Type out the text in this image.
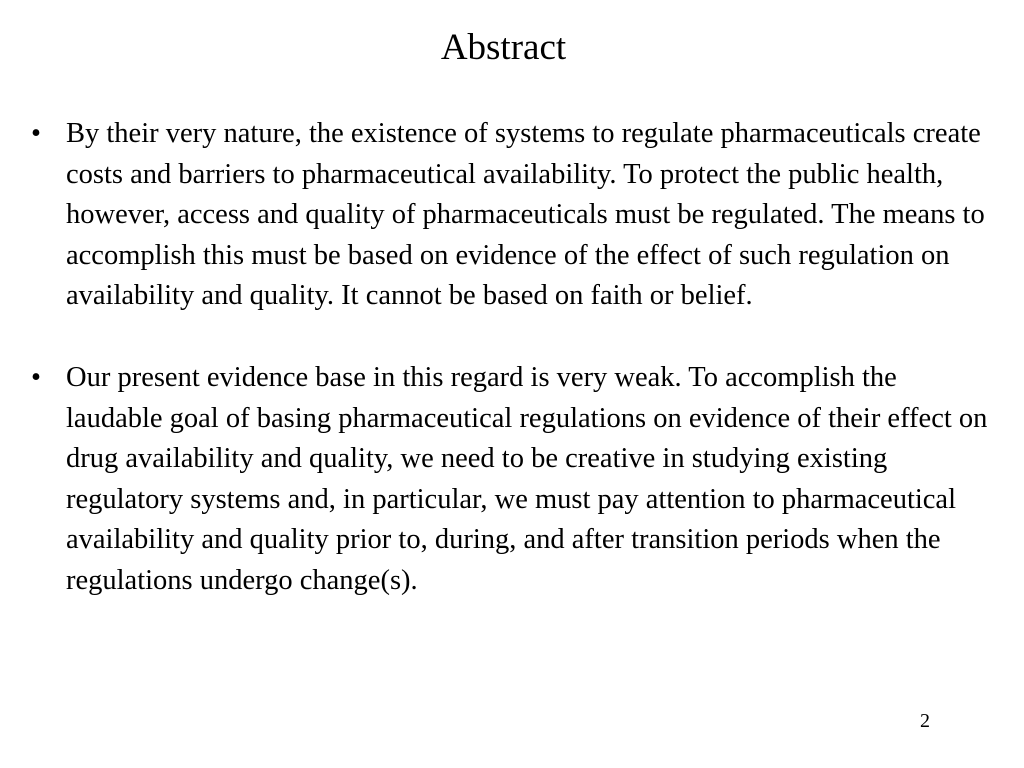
Abstract
• By their very nature, the existence of systems to regulate pharmaceuticals create costs and barriers to pharmaceutical availability. To protect the public health, however, access and quality of pharmaceuticals must be regulated. The means to accomplish this must be based on evidence of the effect of such regulation on availability and quality. It cannot be based on faith or belief.
• Our present evidence base in this regard is very weak. To accomplish the laudable goal of basing pharmaceutical regulations on evidence of their effect on drug availability and quality, we need to be creative in studying existing regulatory systems and, in particular, we must pay attention to pharmaceutical availability and quality prior to, during, and after transition periods when the regulations undergo change(s).
2
